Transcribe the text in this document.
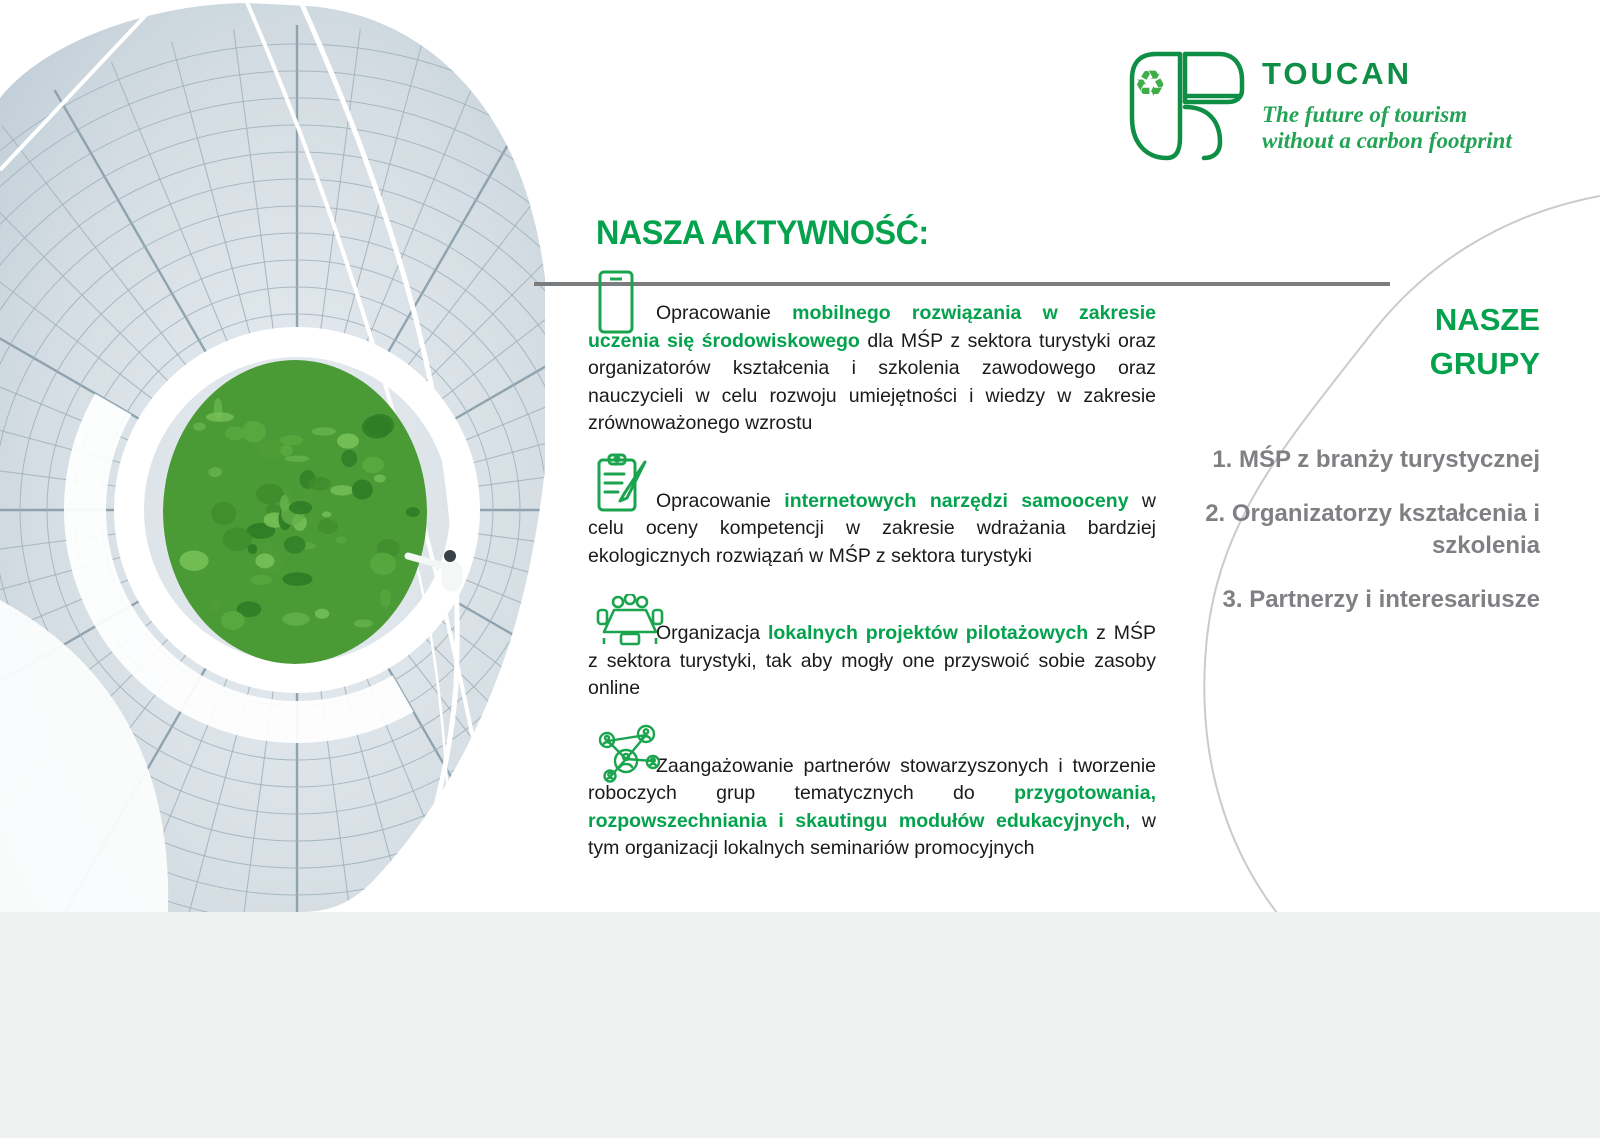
♻	TOUCAN
The future of tourism
without a carbon footprint
NASZA AKTYWNOŚĆ:

Opracowanie mobilnego rozwiązania w zakresie uczenia się środowiskowego dla MŚP z sektora turystyki oraz organizatorów kształcenia i szkolenia zawodowego oraz nauczycieli w celu rozwoju umiejętności i wiedzy w zakresie zrównoważonego wzrostu

Opracowanie internetowych narzędzi samooceny w celu oceny kompetencji w zakresie wdrażania bardziej ekologicznych rozwiązań w MŚP z sektora turystyki

Organizacja lokalnych projektów pilotażowych z MŚP z sektora turystyki, tak aby mogły one przyswoić sobie zasoby online

Zaangażowanie partnerów stowarzyszonych i tworzenie roboczych grup tematycznych do przygotowania, rozpowszechniania i skautingu modułów edukacyjnych, w tym organizacji lokalnych seminariów promocyjnych

NASZE
GRUPY
1. MŚP z branży turystycznej
2. Organizatorzy kształcenia i szkolenia
3. Partnerzy i interesariusze
